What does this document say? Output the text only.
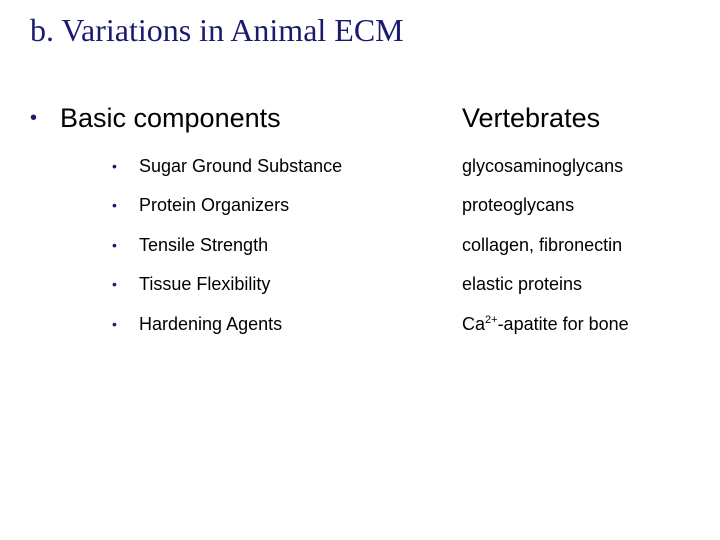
b. Variations in Animal ECM
• Basic components	Vertebrates
• Sugar Ground Substance	glycosaminoglycans
• Protein Organizers	proteoglycans
• Tensile Strength	collagen, fibronectin
• Tissue Flexibility	elastic proteins
• Hardening Agents	$Ca^{2+}$-apatite for bone
